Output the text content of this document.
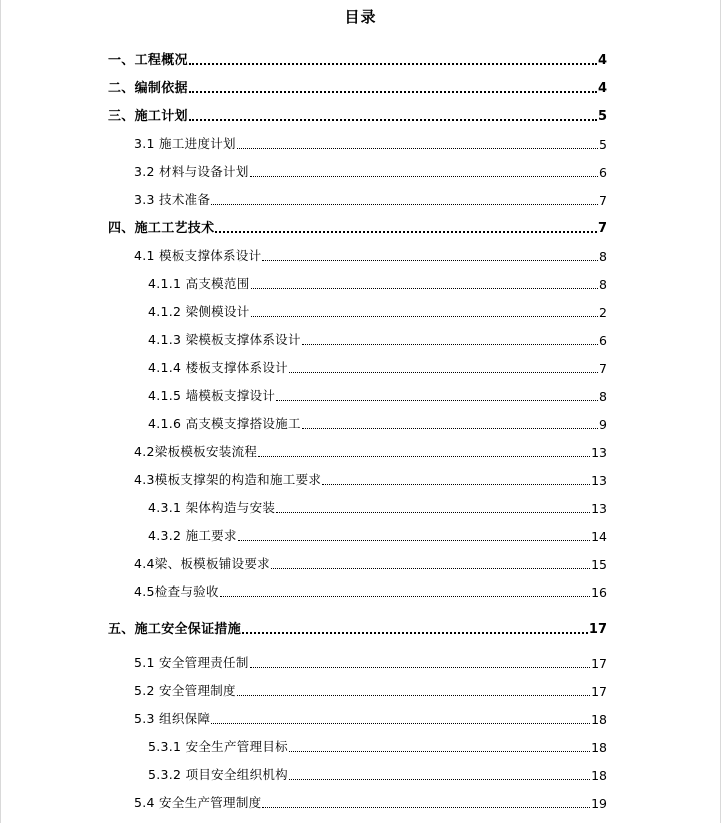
目录
一、工程概况	4
二、编制依据	4
三、施工计划	5
3.1 施工进度计划	5
3.2 材料与设备计划	6
3.3 技术准备	7
四、施工工艺技术	7
4.1 模板支撑体系设计	8
4.1.1 高支模范围	8
4.1.2 梁侧模设计	2
4.1.3 梁模板支撑体系设计	6
4.1.4 楼板支撑体系设计	7
4.1.5 墙模板支撑设计	8
4.1.6 高支模支撑搭设施工	9
4.2梁板模板安装流程	13
4.3模板支撑架的构造和施工要求	13
4.3.1 架体构造与安装	13
4.3.2 施工要求	14
4.4梁、板模板铺设要求	15
4.5检查与验收	16
五、施工安全保证措施	17
5.1 安全管理责任制	17
5.2 安全管理制度	17
5.3 组织保障	18
5.3.1 安全生产管理目标	18
5.3.2 项目安全组织机构	18
5.4 安全生产管理制度	19
